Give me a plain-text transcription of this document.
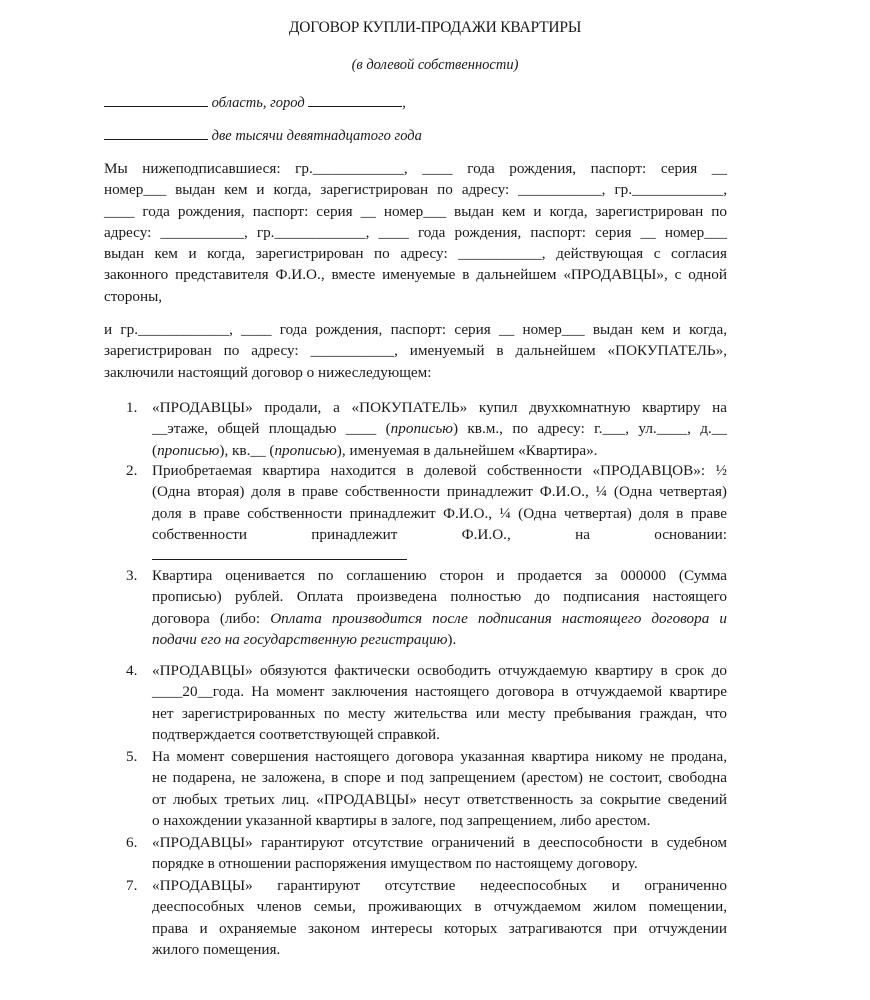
ДОГОВОР КУПЛИ-ПРОДАЖИ КВАРТИРЫ
(в долевой собственности)
область, город	,
две тысячи девятнадцатого года
Мы нижеподписавшиеся: гр.____________, ____ года рождения, паспорт: серия __
номер___ выдан кем и когда, зарегистрирован по адресу: ___________, гр.____________,
____ года рождения, паспорт: серия __ номер___ выдан кем и когда, зарегистрирован по
адресу: ___________, гр.____________, ____ года рождения, паспорт: серия __ номер___
выдан кем и когда, зарегистрирован по адресу: ___________, действующая с согласия
законного представителя Ф.И.О., вместе именуемые в дальнейшем «ПРОДАВЦЫ», с одной
стороны,
и гр.____________, ____ года рождения, паспорт: серия __ номер___ выдан кем и когда,
зарегистрирован по адресу: ___________, именуемый в дальнейшем «ПОКУПАТЕЛЬ»,
заключили настоящий договор о нижеследующем:
1. «ПРОДАВЦЫ» продали, а «ПОКУПАТЕЛЬ» купил двухкомнатную квартиру на
__этаже, общей площадью ____ (прописью) кв.м., по адресу: г.___, ул.____, д.__
(прописью), кв.__ (прописью), именуемая в дальнейшем «Квартира».
2. Приобретаемая квартира находится в долевой собственности «ПРОДАВЦОВ»: ½
(Одна вторая) доля в праве собственности принадлежит Ф.И.О., ¼ (Одна четвертая)
доля в праве собственности принадлежит Ф.И.О., ¼ (Одна четвертая) доля в праве
собственности принадлежит Ф.И.О., на основании:
3. Квартира оценивается по соглашению сторон и продается за 000000 (Сумма
прописью) рублей. Оплата произведена полностью до подписания настоящего
договора (либо: Оплата производится после подписания настоящего договора и
подачи его на государственную регистрацию).
4. «ПРОДАВЦЫ» обязуются фактически освободить отчуждаемую квартиру в срок до
____20__года. На момент заключения настоящего договора в отчуждаемой квартире
нет зарегистрированных по месту жительства или месту пребывания граждан, что
подтверждается соответствующей справкой.
5. На момент совершения настоящего договора указанная квартира никому не продана,
не подарена, не заложена, в споре и под запрещением (арестом) не состоит, свободна
от любых третьих лиц. «ПРОДАВЦЫ» несут ответственность за сокрытие сведений
о нахождении указанной квартиры в залоге, под запрещением, либо арестом.
6. «ПРОДАВЦЫ» гарантируют отсутствие ограничений в дееспособности в судебном
порядке в отношении распоряжения имуществом по настоящему договору.
7. «ПРОДАВЦЫ» гарантируют отсутствие недееспособных и ограниченно
дееспособных членов семьи, проживающих в отчуждаемом жилом помещении,
права и охраняемые законом интересы которых затрагиваются при отчуждении
жилого помещения.
